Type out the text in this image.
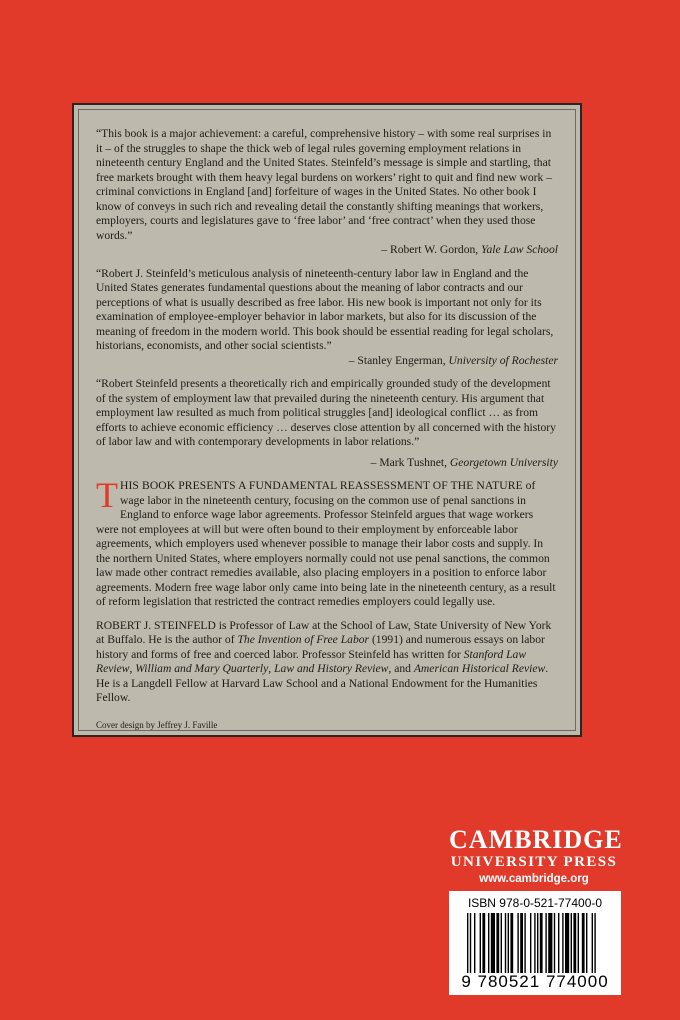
“This book is a major achievement: a careful, comprehensive history – with some real surprises in it – of the struggles to shape the thick web of legal rules governing employment relations in nineteenth century England and the United States. Steinfeld’s message is simple and startling, that free markets brought with them heavy legal burdens on workers’ right to quit and find new work – criminal convictions in England [and] forfeiture of wages in the United States. No other book I know of conveys in such rich and revealing detail the constantly shifting meanings that workers, employers, courts and legislatures gave to ‘free labor’ and ‘free contract’ when they used those words.”

– Robert W. Gordon, Yale Law School

“Robert J. Steinfeld’s meticulous analysis of nineteenth-century labor law in England and the United States generates fundamental questions about the meaning of labor contracts and our perceptions of what is usually described as free labor. His new book is important not only for its examination of employee-employer behavior in labor markets, but also for its discussion of the meaning of freedom in the modern world. This book should be essential reading for legal scholars, historians, economists, and other social scientists.”

– Stanley Engerman, University of Rochester

“Robert Steinfeld presents a theoretically rich and empirically grounded study of the development of the system of employment law that prevailed during the nineteenth century. His argument that employment law resulted as much from political struggles [and] ideological conflict … as from efforts to achieve economic efficiency … deserves close attention by all concerned with the history of labor law and with contemporary developments in labor relations.”

– Mark Tushnet, Georgetown University

THIS BOOK PRESENTS A FUNDAMENTAL REASSESSMENT OF THE NATURE of wage labor in the nineteenth century, focusing on the common use of penal sanctions in England to enforce wage labor agreements. Professor Steinfeld argues that wage workers were not employees at will but were often bound to their employment by enforceable labor agreements, which employers used whenever possible to manage their labor costs and supply. In the northern United States, where employers normally could not use penal sanctions, the common law made other contract remedies available, also placing employers in a position to enforce labor agreements. Modern free wage labor only came into being late in the nineteenth century, as a result of reform legislation that restricted the contract remedies employers could legally use.

ROBERT J. STEINFELD is Professor of Law at the School of Law, State University of New York at Buffalo. He is the author of The Invention of Free Labor (1991) and numerous essays on labor history and forms of free and coerced labor. Professor Steinfeld has written for Stanford Law Review, William and Mary Quarterly, Law and History Review, and American Historical Review. He is a Langdell Fellow at Harvard Law School and a National Endowment for the Humanities Fellow.

Cover design by Jeffrey J. Faville
CAMBRIDGE
UNIVERSITY PRESS
www.cambridge.org
ISBN 978-0-521-77400-0
9 780521 774000
